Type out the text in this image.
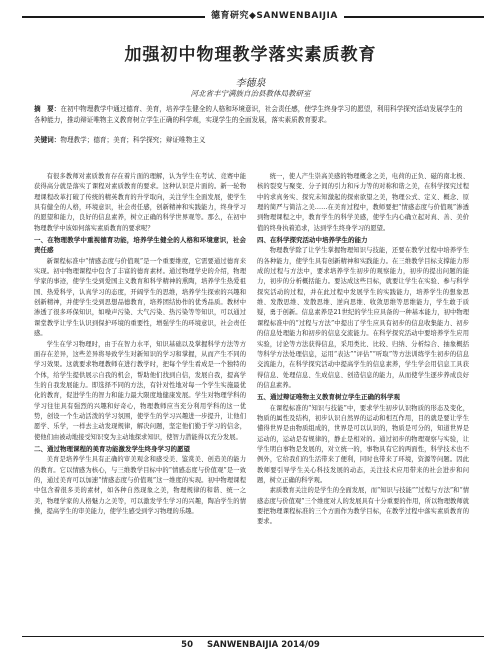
德育研究◆SANWENBAIJIA
加强初中物理教学落实素质教育
李德泉
河北省丰宁满族自治县教体局教研室
摘　要：在初中物理教学中通过德育、美育，培养学生健全的人格和环境意识，社会责任感，使学生终身学习的愿望，利用科学探究活动发展学生的各种能力，推动辩证唯物主义教育树立学生正确的科学观，实现学生的全面发展，落实素质教育要求。
关键词：物理教学；德育；美育；科学探究；辩证唯物主义

有很多教师对素质教育存在着片面的理解，认为学生在考试、竞赛中能获得高分就是落实了课程对素质教育的要求。这种认识是片面的。新一轮物理课程改革打破了传统的精英教育的升学取向，关注学生全面发展，使学生具有健全的人格，环境意识，社会责任感，创新精神和实践能力，终身学习的愿望和能力，良好的信息素养，树立正确的科学世界观等。那么，在初中物理教学中该如何落实素质教育的要求呢？

一、在物理教学中重视德育功能，培养学生健全的人格和环境意识，社会责任感

新课程标准中“情感态度与价值观”是一个重要维度，它需要通过德育来实现。初中物理课程中包含了丰富的德育素材。通过物理学史的介绍，物理学家的事迹，使学生受到爱国主义教育和科学精神的熏陶，培养学生热爱祖国、热爱科学，认真学习的态度，开阔学生的思维，培养学生探索的兴趣和创新精神，并使学生受到思想品德教育，培养团结协作的优秀品质。教材中渗透了很多环保知识，如噪声污染、大气污染、热污染等等知识，可以通过课堂教学让学生认识到保护环境的重要性，增强学生的环境意识，社会责任感。

学生在学习物理时，由于在智力水平，知识基础以及掌握科学方法等方面存在差异，这些差异将导致学生对新知识的学习和掌握，从而产生不同的学习效果。这就要求物理教师在进行教学时，把每个学生看成是一个独特的个体，给学生提供展示自我的机会，帮助他们找到自信，发展自我，提高学生的自我发展能力。即选择不同的方法，有针对性地对每一个学生实施最优化的教育，促进学生的智力和能力最大限度地健康发展。学生对物理学科的学习往往具有强烈的兴趣和好奇心，物理教师应当充分利用学科的这一优势，创设一个生动活泼的学习氛围，使学生的学习兴趣进一步提升，让他们愿学、乐学，一样去主动发现规律，解决问题，坚定他们勤于学习的信念，使他们由被动地接受知识变为主动地探求知识，使智力潜能得以充分发展。

二、通过物理课程的美育功能激发学生终身学习的愿望

美育是培养学生具有正确的审美观念和感受美、鉴赏美、创造美的能力的教育。它以情感为核心，与三维教学目标中的“情感态度与价值观”是一致的，通过美育可以加速“情感态度与价值观”这一维度的实现。初中物理课程中包含着很多美的素材，如各种自然现象之美，物理规律的和谐、统一之美，物理学家的人格魅力之美等，可以激发学生学习的兴趣，陶冶学生的情操，提高学生的审美能力，使学生感受到学习物理的乐趣。

统一，使人产生崇高美感的物理概念之美，电荷的正负、磁的南北极、核的裂变与聚变、分子间的引力和斥力等的对称和谐之美，在科学探究过程中的求真务实、探究未知激起的探索欲望之美，物理公式、定义、概念、原理的简严与简洁之美……在美育过程中，教师要把“情感态度与价值观”渗透到物理课程之中，教育学生的科学美感，使学生内心确立起对真、善、美价值的终身执着追求，达到学生终身学习的愿望。

四、在科学探究活动中培养学生的能力

物理教学除了让学生掌握物理知识与技能，还要在教学过程中培养学生的各种能力，使学生具有创新精神和实践能力。在三维教学目标支撑能力形成的过程与方法中，要求培养学生初步的观察能力，初步的提出问题的能力，初步的分析概括能力。要达成这些目标，就要让学生在实验、参与科学探究活动的过程，并在此过程中发展学生的实践能力，培养学生的想象思维、发散思维、发散思维、逆向思维、收敛思维等思维能力，学生敢于质疑，勇于创新。信息素养是21世纪的学生应具备的一种基本能力，初中物理课程标准中的“过程与方法”中提出了学生应具有初步的信息收集能力、初步的信息处理能力和初步的信息交流能力。在科学探究活动中要培养学生应用实验，讨论等方法获得信息，采用类比、比较、归纳、分析综合、抽象概括等科学方法处理信息，运用“表达”“评估”“听取”等方法训练学生初步的信息交流能力，在科学探究活动中提高学生的信息素养，学生学会用信息工具获得信息、处理信息、生成信息、创造信息的能力，从而使学生逐步养成良好的信息素养。

五、通过辩证唯物主义教育树立学生正确的科学观

在课程标准的“知识与技能”中，要求学生初步认识物质的形态及变化，物质的属性及结构，初步认识自然界的运动和相互作用，目的就是要让学生懂得世界是由物质组成的，世界是可以认识的，物质是可分的，知道世界是运动的，运动是有规律的，静止是相对的。通过初步的物理观察与实验，让学生明白事物是发展的，对立统一的，事物具有它的两面性，科学技术也不例外，它给我们的生活带来了便利，同时也带来了环境，资源等问题。因此教师要引导学生关心科技发展的动态，关注技术应用带来的社会进步和问题，树立正确的科学观。

素质教育关注的是学生的全面发展，而“知识与技能”“过程与方法”和“情感态度与价值观”三个维度对人的发展具有十分重要的作用，所以物理教师就要把物理课程标准的三个方面作为教学目标，在教学过程中落实素质教育的要求。

50 SANWENBAIJIA 2014/09
